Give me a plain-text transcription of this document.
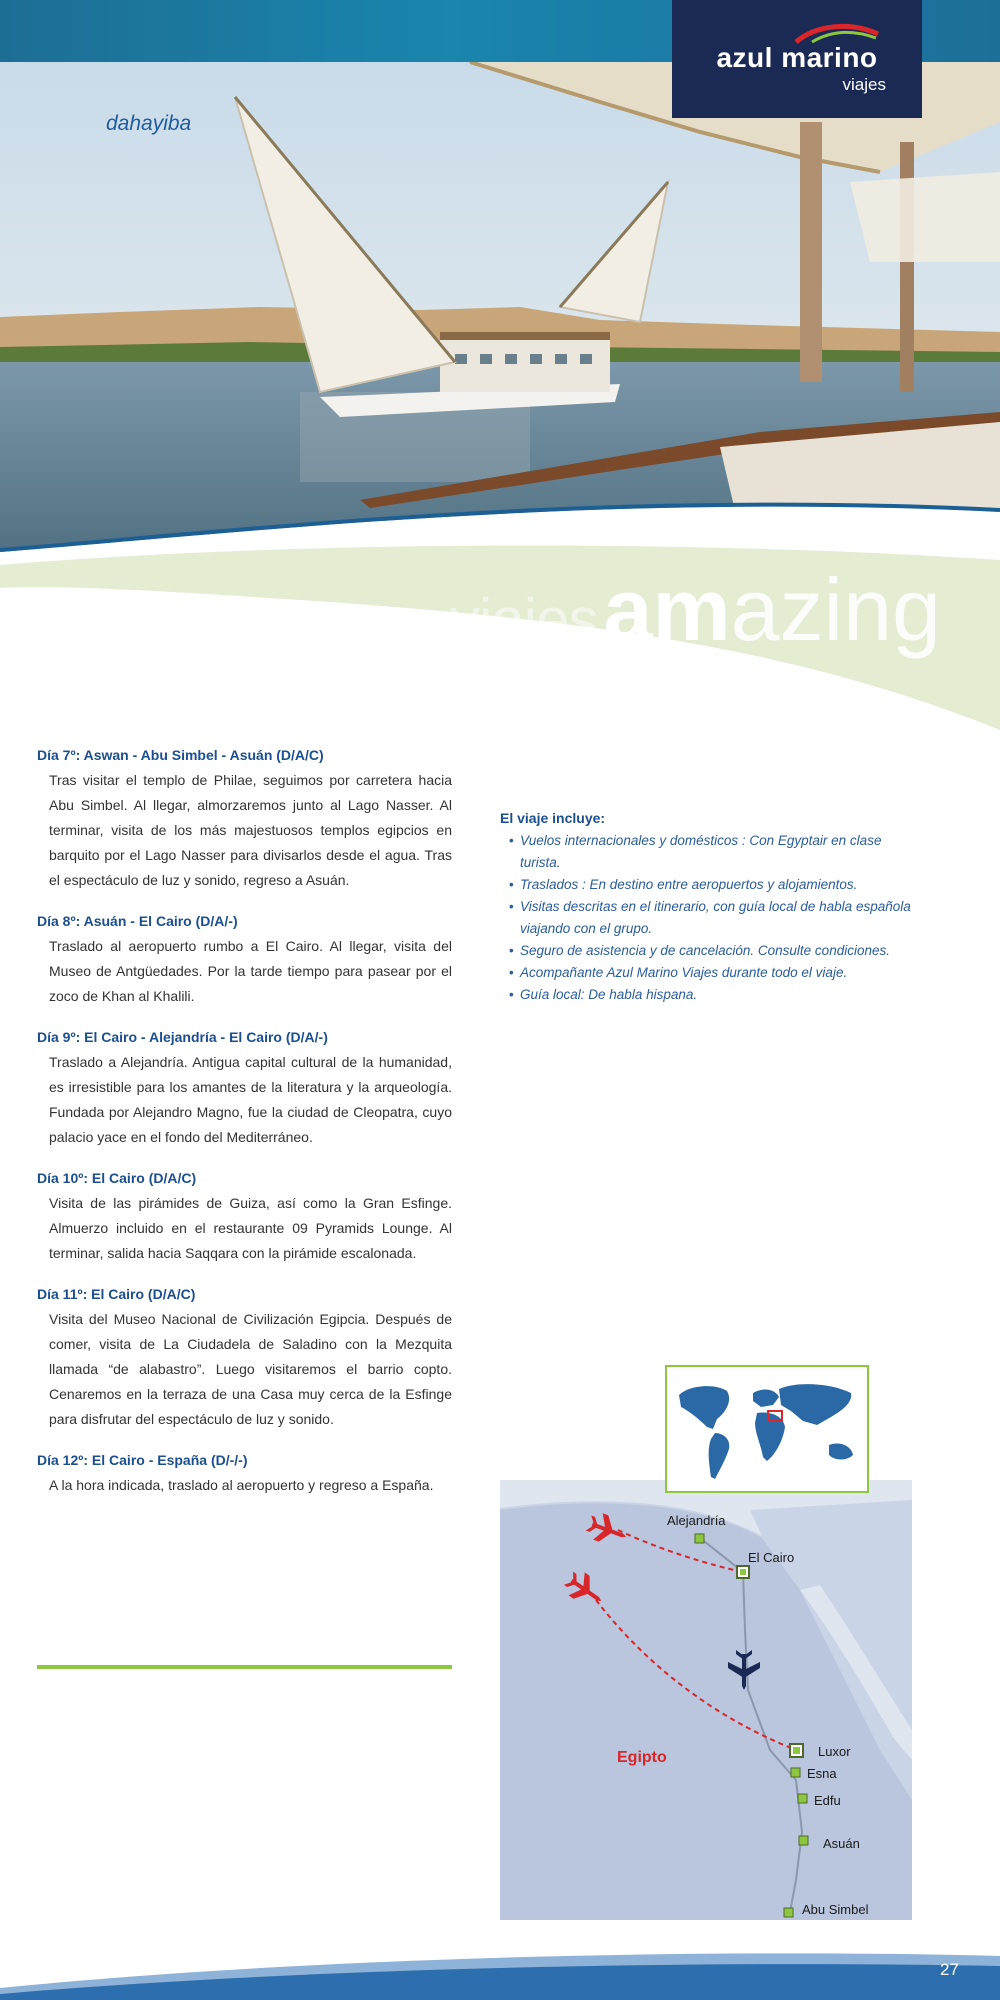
dahayiba
azul marino
viajes
viajesamazing
Día 7º: Aswan - Abu Simbel - Asuán (D/A/C)
Tras visitar el templo de Philae, seguimos por carretera hacia Abu Simbel. Al llegar, almorzaremos junto al Lago Nasser. Al terminar, visita de los más majestuosos templos egipcios en barquito por el Lago Nasser para divisarlos desde el agua. Tras el espectáculo de luz y sonido, regreso a Asuán.
Día 8º: Asuán - El Cairo (D/A/-)
Traslado al aeropuerto rumbo a El Cairo. Al llegar, visita del Museo de Antgüedades. Por la tarde tiempo para pasear por el zoco de Khan al Khalili.
Día 9º: El Cairo - Alejandría - El Cairo (D/A/-)
Traslado a Alejandría. Antigua capital cultural de la humanidad, es irresistible para los amantes de la literatura y la arqueología. Fundada por Alejandro Magno, fue la ciudad de Cleopatra, cuyo palacio yace en el fondo del Mediterráneo.
Día 10º: El Cairo (D/A/C)
Visita de las pirámides de Guiza, así como la Gran Esfinge. Almuerzo incluido en el restaurante 09 Pyramids Lounge. Al terminar, salida hacia Saqqara con la pirámide escalonada.
Día 11º: El Cairo (D/A/C)
Visita del Museo Nacional de Civilización Egipcia. Después de comer, visita de La Ciudadela de Saladino con la Mezquita llamada “de alabastro”. Luego visitaremos el barrio copto. Cenaremos en la terraza de una Casa muy cerca de la Esfinge para disfrutar del espectáculo de luz y sonido.
Día 12º: El Cairo - España (D/-/-)
A la hora indicada, traslado al aeropuerto y regreso a España.
El viaje incluye:
• Vuelos internacionales y domésticos : Con Egyptair en clase turista.
• Traslados : En destino entre aeropuertos y alojamientos.
• Visitas descritas en el itinerario, con guía local de habla española viajando con el grupo.
• Seguro de asistencia y de cancelación. Consulte condiciones.
• Acompañante Azul Marino Viajes durante todo el viaje.
• Guía local: De habla hispana.
Alejandría
El Cairo
Luxor
Esna
Edfu
Asuán
Abu Simbel
Egipto
27
